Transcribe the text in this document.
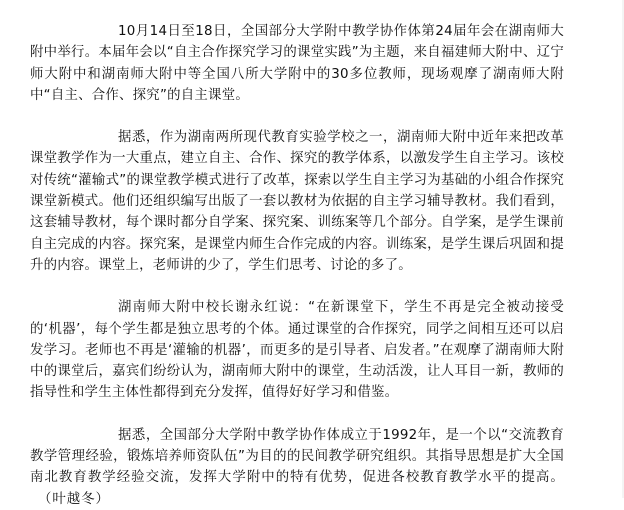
10月14日至18日，全国部分大学附中教学协作体第24届年会在湖南师大附中举行。本届年会以“自主合作探究学习的课堂实践”为主题，来自福建师大附中、辽宁师大附中和湖南师大附中等全国八所大学附中的30多位教师，现场观摩了湖南师大附中“自主、合作、探究”的自主课堂。

据悉，作为湖南两所现代教育实验学校之一，湖南师大附中近年来把改革课堂教学作为一大重点，建立自主、合作、探究的教学体系，以激发学生自主学习。该校对传统“灌输式”的课堂教学模式进行了改革，探索以学生自主学习为基础的小组合作探究课堂新模式。他们还组织编写出版了一套以教材为依据的自主学习辅导教材。我们看到，这套辅导教材，每个课时都分自学案、探究案、训练案等几个部分。自学案，是学生课前自主完成的内容。探究案，是课堂内师生合作完成的内容。训练案，是学生课后巩固和提升的内容。课堂上，老师讲的少了，学生们思考、讨论的多了。

湖南师大附中校长谢永红说：“在新课堂下，学生不再是完全被动接受的‘机器’，每个学生都是独立思考的个体。通过课堂的合作探究，同学之间相互还可以启发学习。老师也不再是‘灌输的机器’，而更多的是引导者、启发者。”在观摩了湖南师大附中的课堂后，嘉宾们纷纷认为，湖南师大附中的课堂，生动活泼，让人耳目一新，教师的指导性和学生主体性都得到充分发挥，值得好好学习和借鉴。

据悉，全国部分大学附中教学协作体成立于1992年，是一个以“交流教育教学管理经验，锻炼培养师资队伍”为目的的民间教学研究组织。其指导思想是扩大全国南北教育教学经验交流，发挥大学附中的特有优势，促进各校教育教学水平的提高。（叶越冬）
